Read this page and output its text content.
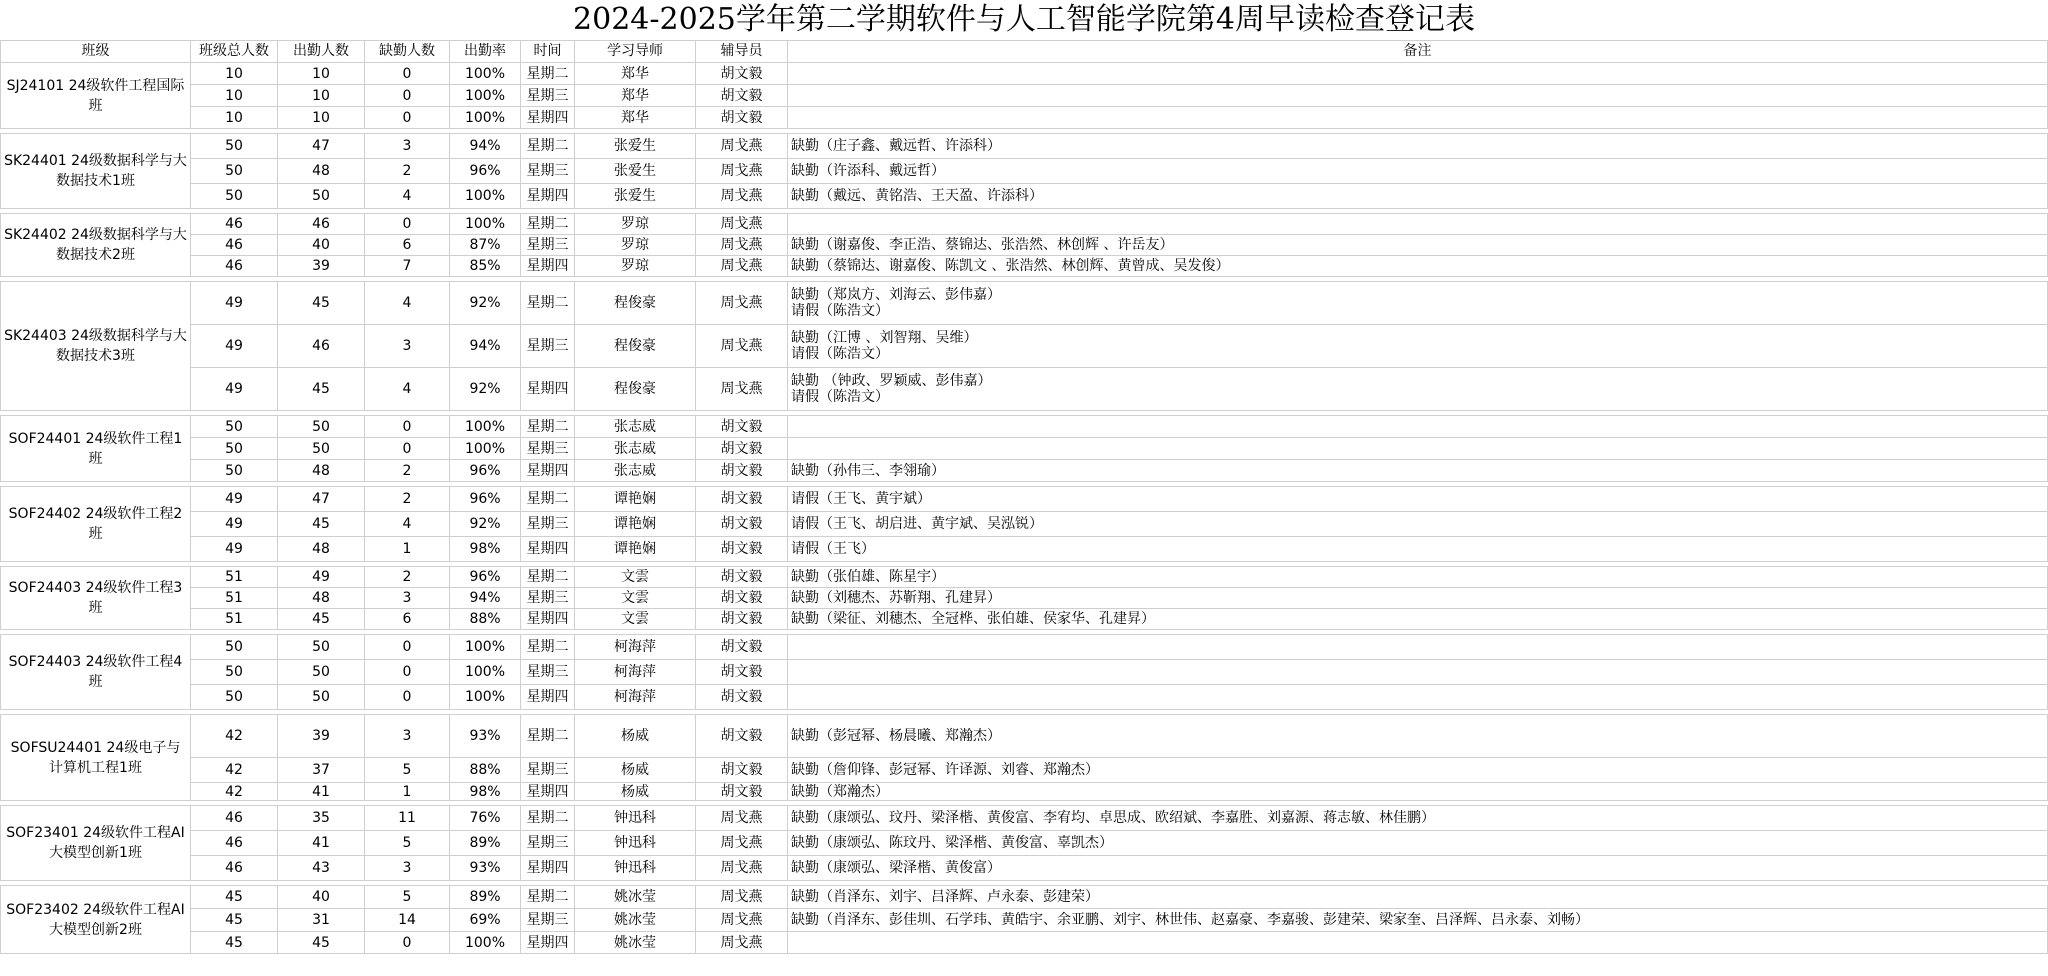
2024-2025学年第二学期软件与人工智能学院第4周早读检查登记表
班级	班级总人数	出勤人数	缺勤人数	出勤率	时间	学习导师	辅导员	备注
SJ24101 24级软件工程国际班	10	10	0	100%	星期二	郑华	胡文毅	
	10	10	0	100%	星期三	郑华	胡文毅	
	10	10	0	100%	星期四	郑华	胡文毅	

SK24401 24级数据科学与大数据技术1班	50	47	3	94%	星期二	张爱生	周戈燕	缺勤（庄子鑫、戴远哲、许添科）
	50	48	2	96%	星期三	张爱生	周戈燕	缺勤（许添科、戴远哲）
	50	50	4	100%	星期四	张爱生	周戈燕	缺勤（戴远、黄铭浩、王天盈、许添科）

SK24402 24级数据科学与大数据技术2班	46	46	0	100%	星期二	罗琼	周戈燕	
	46	40	6	87%	星期三	罗琼	周戈燕	缺勤（谢嘉俊、李正浩、蔡锦达、张浩然、林创辉 、许岳友）
	46	39	7	85%	星期四	罗琼	周戈燕	缺勤（蔡锦达、谢嘉俊、陈凯文 、张浩然、林创辉、黄曾成、吴发俊）

SK24403 24级数据科学与大数据技术3班	49	45	4	92%	星期二	程俊豪	周戈燕	缺勤（郑岚方、刘海云、彭伟嘉）
请假（陈浩文）
	49	46	3	94%	星期三	程俊豪	周戈燕	缺勤（江博 、刘智翔、吴维）
请假（陈浩文）
	49	45	4	92%	星期四	程俊豪	周戈燕	缺勤 （钟政、罗颖威、彭伟嘉）
请假（陈浩文）

SOF24401 24级软件工程1班	50	50	0	100%	星期二	张志威	胡文毅	
	50	50	0	100%	星期三	张志威	胡文毅	
	50	48	2	96%	星期四	张志威	胡文毅	缺勤（孙伟三、李翎瑜）

SOF24402 24级软件工程2班	49	47	2	96%	星期二	谭艳娴	胡文毅	请假（王飞、黄宇斌）
	49	45	4	92%	星期三	谭艳娴	胡文毅	请假（王飞、胡启进、黄宇斌、吴泓锐）
	49	48	1	98%	星期四	谭艳娴	胡文毅	请假（王飞）

SOF24403 24级软件工程3班	51	49	2	96%	星期二	文雲	胡文毅	缺勤（张伯雄、陈星宇）
	51	48	3	94%	星期三	文雲	胡文毅	缺勤（刘穗杰、苏靳翔、孔建昇）
	51	45	6	88%	星期四	文雲	胡文毅	缺勤（梁征、刘穗杰、全冠桦、张伯雄、侯家华、孔建昇）

SOF24403 24级软件工程4班	50	50	0	100%	星期二	柯海萍	胡文毅	
	50	50	0	100%	星期三	柯海萍	胡文毅	
	50	50	0	100%	星期四	柯海萍	胡文毅	

SOFSU24401 24级电子与计算机工程1班	42	39	3	93%	星期二	杨威	胡文毅	缺勤（彭冠幂、杨晨曦、郑瀚杰）
	42	37	5	88%	星期三	杨威	胡文毅	缺勤（詹仰锋、彭冠幂、许译源、刘睿、郑瀚杰）
	42	41	1	98%	星期四	杨威	胡文毅	缺勤（郑瀚杰）

SOF23401 24级软件工程AI大模型创新1班	46	35	11	76%	星期二	钟迅科	周戈燕	缺勤（康颂弘、玟丹、梁泽楷、黄俊富、李宥均、卓思成、欧绍斌、李嘉胜、刘嘉源、蒋志敏、林佳鹏）
	46	41	5	89%	星期三	钟迅科	周戈燕	缺勤（康颂弘、陈玟丹、梁泽楷、黄俊富、辜凯杰）
	46	43	3	93%	星期四	钟迅科	周戈燕	缺勤（康颂弘、梁泽楷、黄俊富）

SOF23402 24级软件工程AI大模型创新2班	45	40	5	89%	星期二	姚冰莹	周戈燕	缺勤（肖泽东、刘宇、吕泽辉、卢永泰、彭建荣）
	45	31	14	69%	星期三	姚冰莹	周戈燕	缺勤（肖泽东、彭佳圳、石学玮、黄皓宇、余亚鹏、刘宇、林世伟、赵嘉豪、李嘉骏、彭建荣、梁家奎、吕泽辉、吕永泰、刘畅）
	45	45	0	100%	星期四	姚冰莹	周戈燕	
